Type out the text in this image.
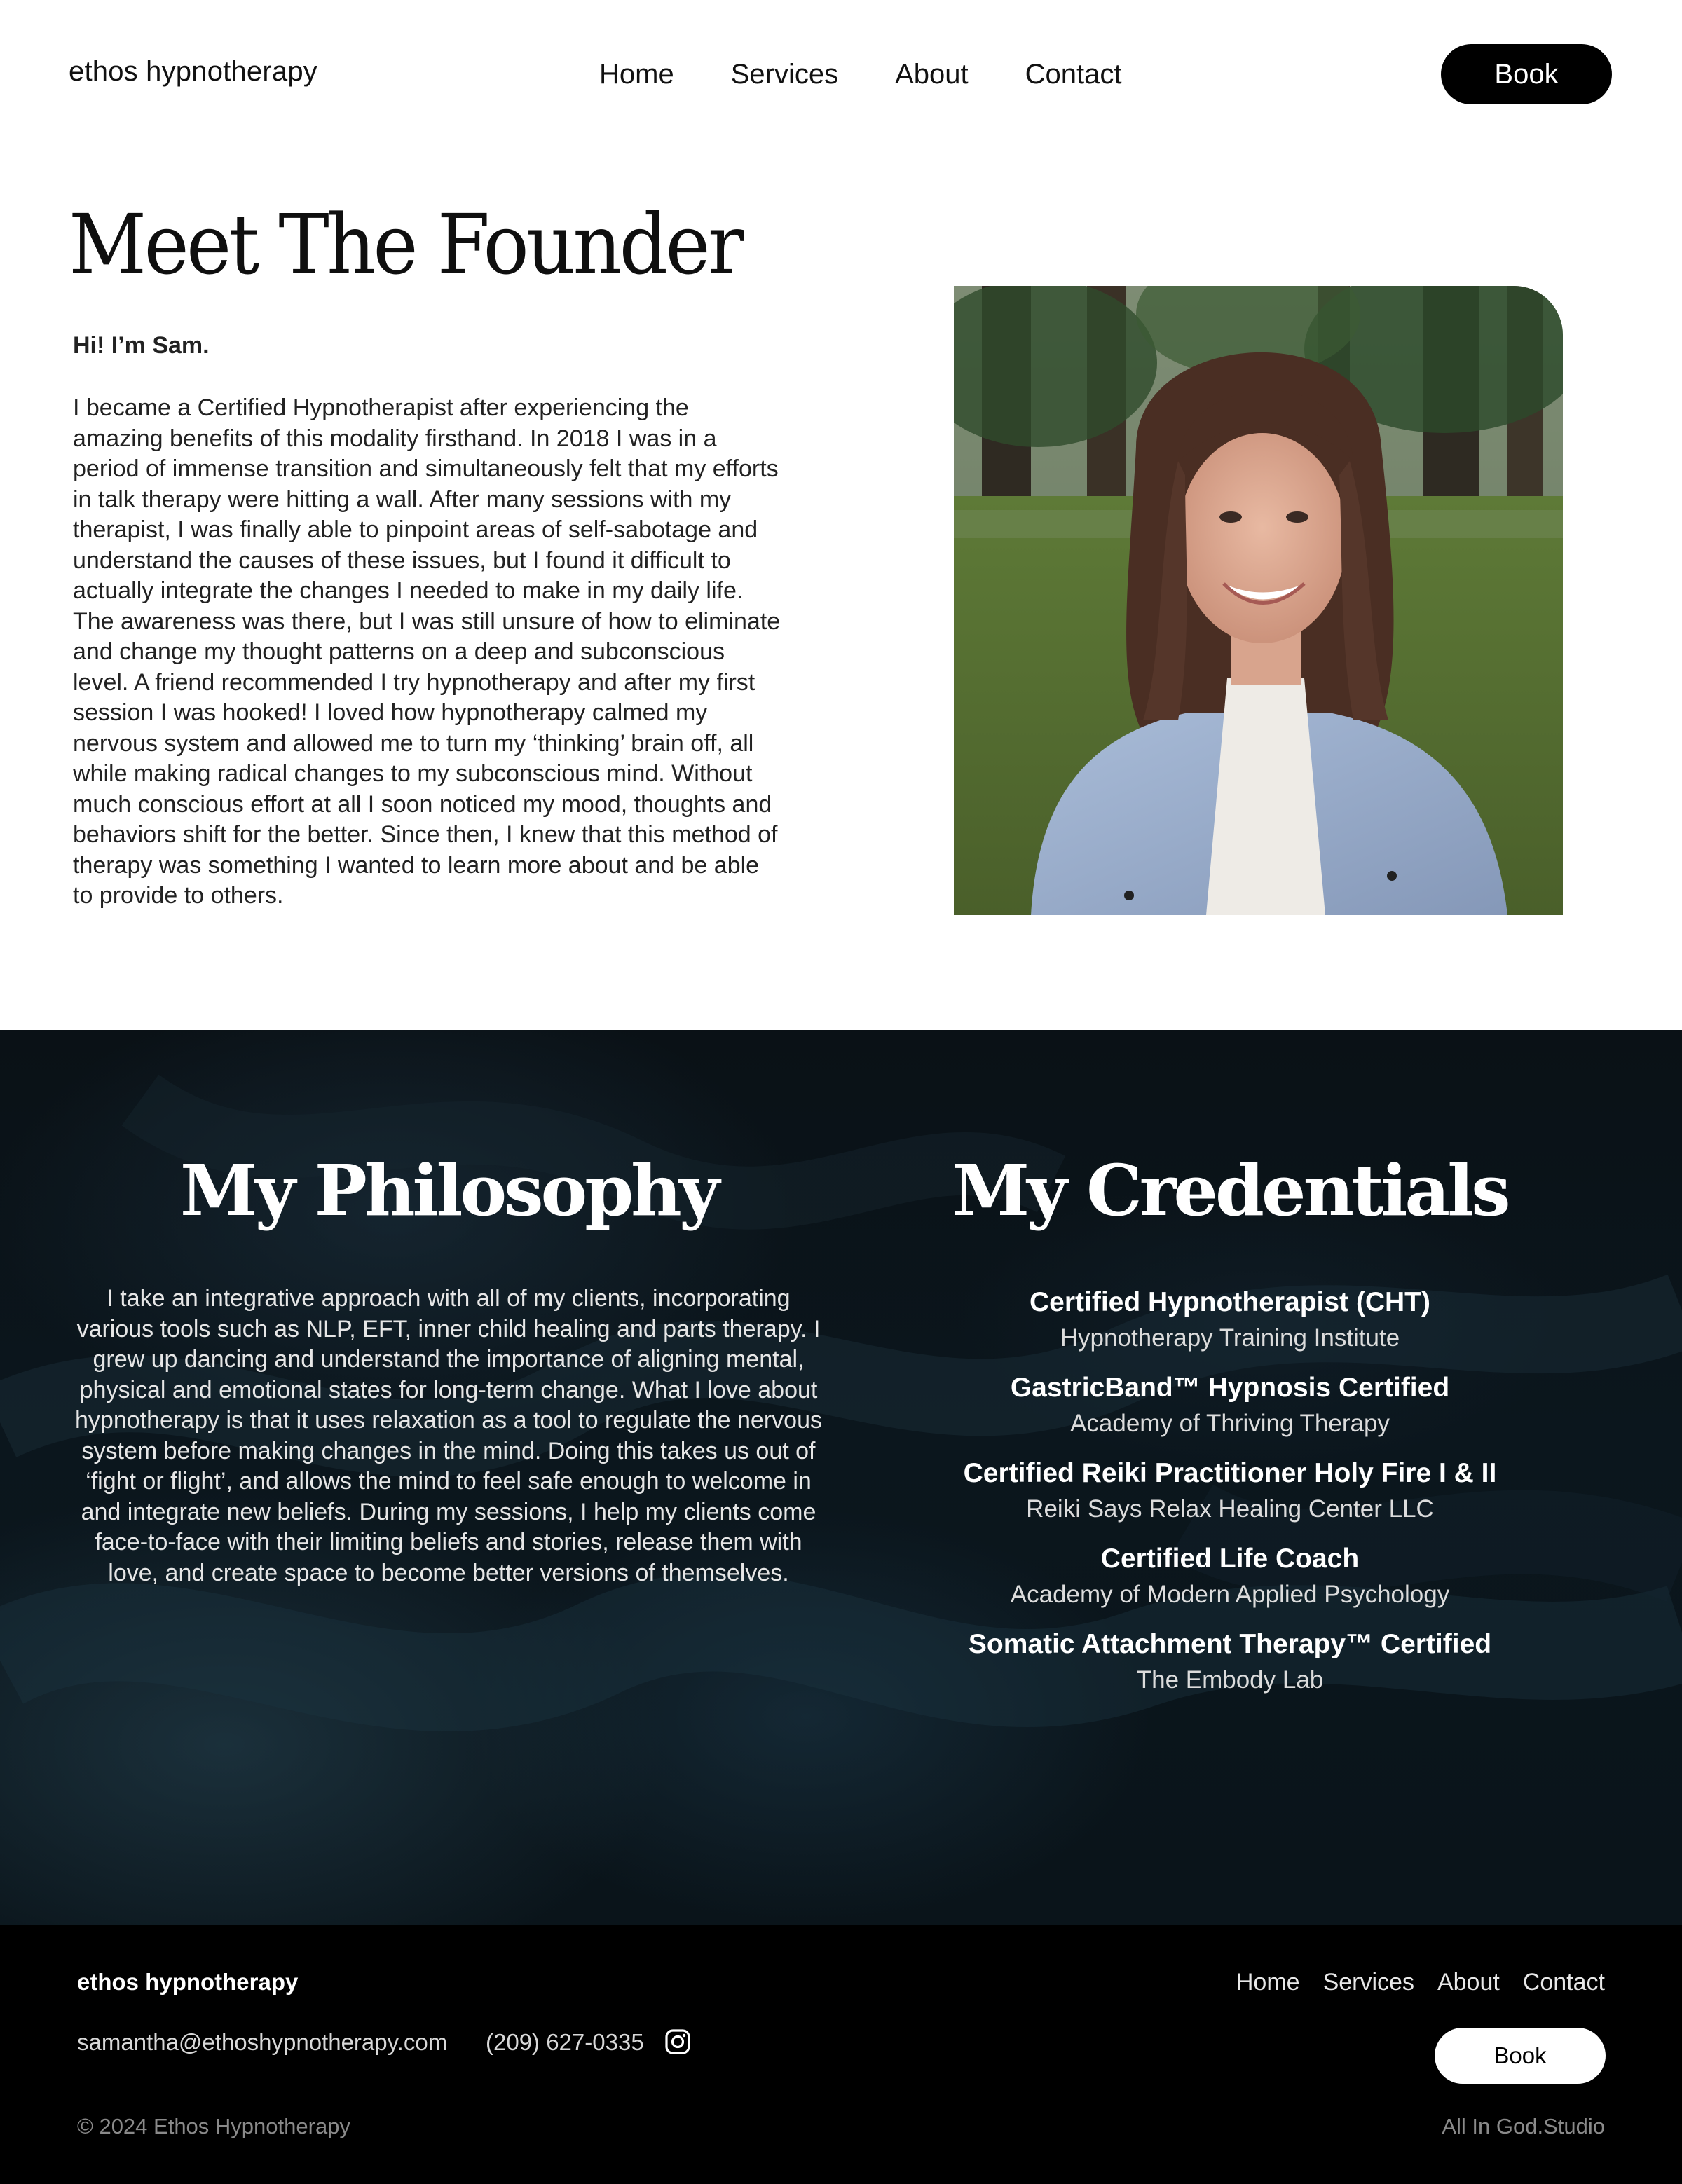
ethos hypnotherapy	Home Services About Contact	Book
Meet The Founder
Hi! I’m Sam.

I became a Certified Hypnotherapist after experiencing the amazing benefits of this modality firsthand. In 2018 I was in a period of immense transition and simultaneously felt that my efforts in talk therapy were hitting a wall. After many sessions with my therapist, I was finally able to pinpoint areas of self-sabotage and understand the causes of these issues, but I found it difficult to actually integrate the changes I needed to make in my daily life. The awareness was there, but I was still unsure of how to eliminate and change my thought patterns on a deep and subconscious level. A friend recommended I try hypnotherapy and after my first session I was hooked! I loved how hypnotherapy calmed my nervous system and allowed me to turn my ‘thinking’ brain off, all while making radical changes to my subconscious mind. Without much conscious effort at all I soon noticed my mood, thoughts and behaviors shift for the better. Since then, I knew that this method of therapy was something I wanted to learn more about and be able to provide to others.

My Philosophy

I take an integrative approach with all of my clients, incorporating various tools such as NLP, EFT, inner child healing and parts therapy. I grew up dancing and understand the importance of aligning mental, physical and emotional states for long-term change. What I love about hypnotherapy is that it uses relaxation as a tool to regulate the nervous system before making changes in the mind. Doing this takes us out of ‘fight or flight’, and allows the mind to feel safe enough to welcome in and integrate new beliefs. During my sessions, I help my clients come face-to-face with their limiting beliefs and stories, release them with love, and create space to become better versions of themselves.

My Credentials
Certified Hypnotherapist (CHT)
Hypnotherapy Training Institute
GastricBand™ Hypnosis Certified
Academy of Thriving Therapy
Certified Reiki Practitioner Holy Fire I & II
Reiki Says Relax Healing Center LLC
Certified Life Coach
Academy of Modern Applied Psychology
Somatic Attachment Therapy™ Certified
The Embody Lab
ethos hypnotherapy
samantha@ethoshypnotherapy.com (209) 627-0335
Home Services About Contact
Book
© 2024 Ethos Hypnotherapy	All In God.Studio
